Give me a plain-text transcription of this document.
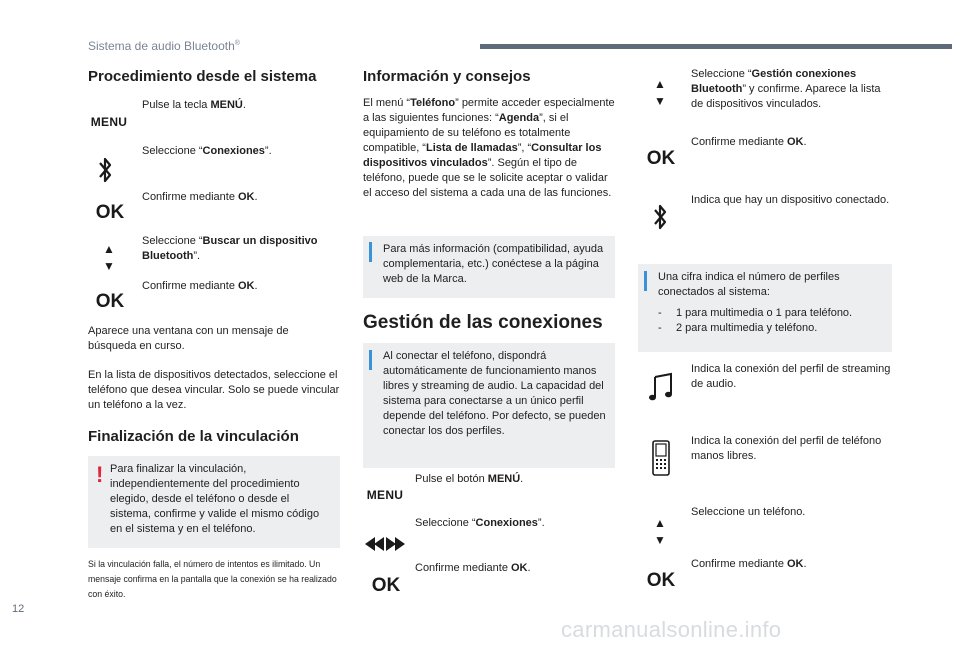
Sistema de audio Bluetooth®
Procedimiento desde el sistema
MENU
Pulse la tecla MENÚ.
Seleccione “Conexiones”.
OK
Confirme mediante OK.
▲
▼
Seleccione “Buscar un dispositivo Bluetooth”.
OK
Confirme mediante OK.
Aparece una ventana con un mensaje de búsqueda en curso.
En la lista de dispositivos detectados, seleccione el teléfono que desea vincular. Solo se puede vincular un teléfono a la vez.
Finalización de la vinculación
! Para finalizar la vinculación, independientemente del procedimiento elegido, desde el teléfono o desde el sistema, confirme y valide el mismo código en el sistema y en el teléfono.
Si la vinculación falla, el número de intentos es ilimitado. Un mensaje confirma en la pantalla que la conexión se ha realizado con éxito.
Información y consejos
El menú “Teléfono” permite acceder especialmente a las siguientes funciones: “Agenda”, si el equipamiento de su teléfono es totalmente compatible, “Lista de llamadas”, “Consultar los dispositivos vinculados”. Según el tipo de teléfono, puede que se le solicite aceptar o validar el acceso del sistema a cada una de las funciones.
Para más información (compatibilidad, ayuda complementaria, etc.) conéctese a la página web de la Marca.
Gestión de las conexiones
Al conectar el teléfono, dispondrá automáticamente de funcionamiento manos libres y streaming de audio. La capacidad del sistema para conectarse a un único perfil depende del teléfono. Por defecto, se pueden conectar los dos perfiles.
MENU
Pulse el botón MENÚ.
Seleccione “Conexiones”.
OK
Confirme mediante OK.
▲
▼
Seleccione “Gestión conexiones Bluetooth” y confirme. Aparece la lista de dispositivos vinculados.
OK
Confirme mediante OK.
Indica que hay un dispositivo conectado.
Una cifra indica el número de perfiles conectados al sistema:
-	1 para multimedia o 1 para teléfono.
-	2 para multimedia y teléfono.
Indica la conexión del perfil de streaming de audio.
Indica la conexión del perfil de teléfono manos libres.
▲
▼
Seleccione un teléfono.
OK
Confirme mediante OK.
12
carmanualsonline.info
